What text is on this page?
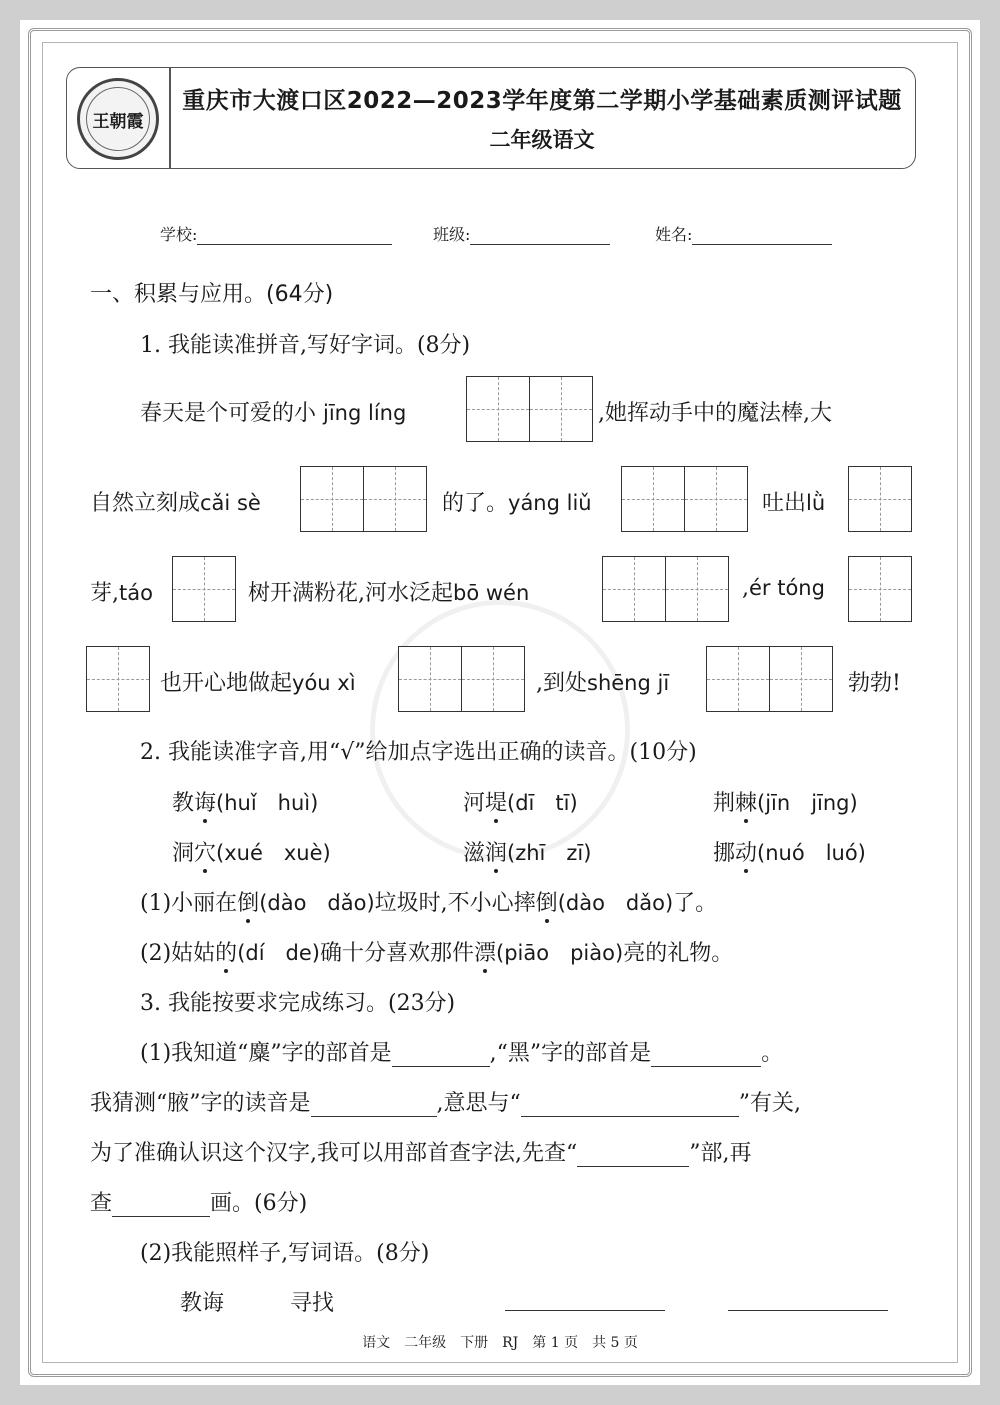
王朝霞
重庆市大渡口区2022—2023学年度第二学期小学基础素质测评试题
二年级语文
学校:	班级:	姓名:
一、积累与应用。(64分)
1. 我能读准拼音,写好字词。(8分)
春天是个可爱的小 jīng líng	,她挥动手中的魔法棒,大
自然立刻成cǎi sè	的了。yáng liǔ	吐出lǜ
芽,táo	树开满粉花,河水泛起bō wén	,ér tóng
也开心地做起yóu xì	,到处shēng jī	勃勃!
2. 我能读准字音,用“√”给加点字选出正确的读音。(10分)
教诲(huǐ　huì)	河堤(dī　tī)	荆棘(jīn　jīng)
洞穴(xué　xuè)	滋润(zhī　zī)	挪动(nuó　luó)
(1)小丽在倒(dào　dǎo)垃圾时,不小心摔倒(dào　dǎo)了。
(2)姑姑的(dí　de)确十分喜欢那件漂(piāo　piào)亮的礼物。
3. 我能按要求完成练习。(23分)
(1)我知道“麋”字的部首是	,“黑”字的部首是	。
我猜测“腋”字的读音是	,意思与“	”有关,
为了准确认识这个汉字,我可以用部首查字法,先查“	”部,再
查	画。(6分)
(2)我能照样子,写词语。(8分)
教诲	寻找
语文　二年级　下册　RJ　第 1 页　共 5 页
